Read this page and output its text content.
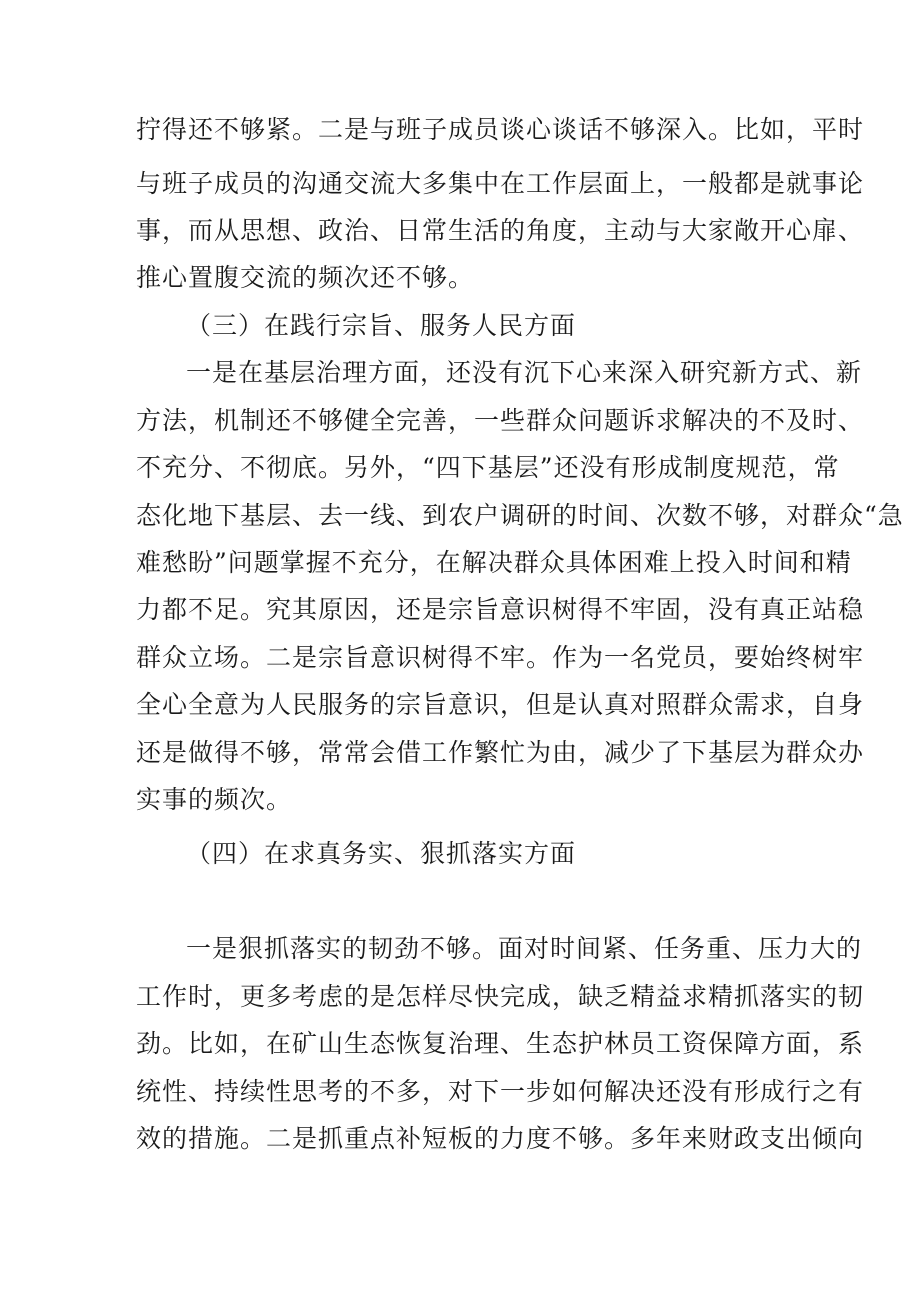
拧得还不够紧。二是与班子成员谈心谈话不够深入。比如，平时
与班子成员的沟通交流大多集中在工作层面上，一般都是就事论
事，而从思想、政治、日常生活的角度，主动与大家敞开心扉、
推心置腹交流的频次还不够。
（三）在践行宗旨、服务人民方面
一是在基层治理方面，还没有沉下心来深入研究新方式、新
方法，机制还不够健全完善，一些群众问题诉求解决的不及时、
不充分、不彻底。另外，“四下基层”还没有形成制度规范，常
态化地下基层、去一线、到农户调研的时间、次数不够，对群众“急
难愁盼”问题掌握不充分，在解决群众具体困难上投入时间和精
力都不足。究其原因，还是宗旨意识树得不牢固，没有真正站稳
群众立场。二是宗旨意识树得不牢。作为一名党员，要始终树牢
全心全意为人民服务的宗旨意识，但是认真对照群众需求，自身
还是做得不够，常常会借工作繁忙为由，减少了下基层为群众办
实事的频次。
（四）在求真务实、狠抓落实方面
一是狠抓落实的韧劲不够。面对时间紧、任务重、压力大的
工作时，更多考虑的是怎样尽快完成，缺乏精益求精抓落实的韧
劲。比如，在矿山生态恢复治理、生态护林员工资保障方面，系
统性、持续性思考的不多，对下一步如何解决还没有形成行之有
效的措施。二是抓重点补短板的力度不够。多年来财政支出倾向
